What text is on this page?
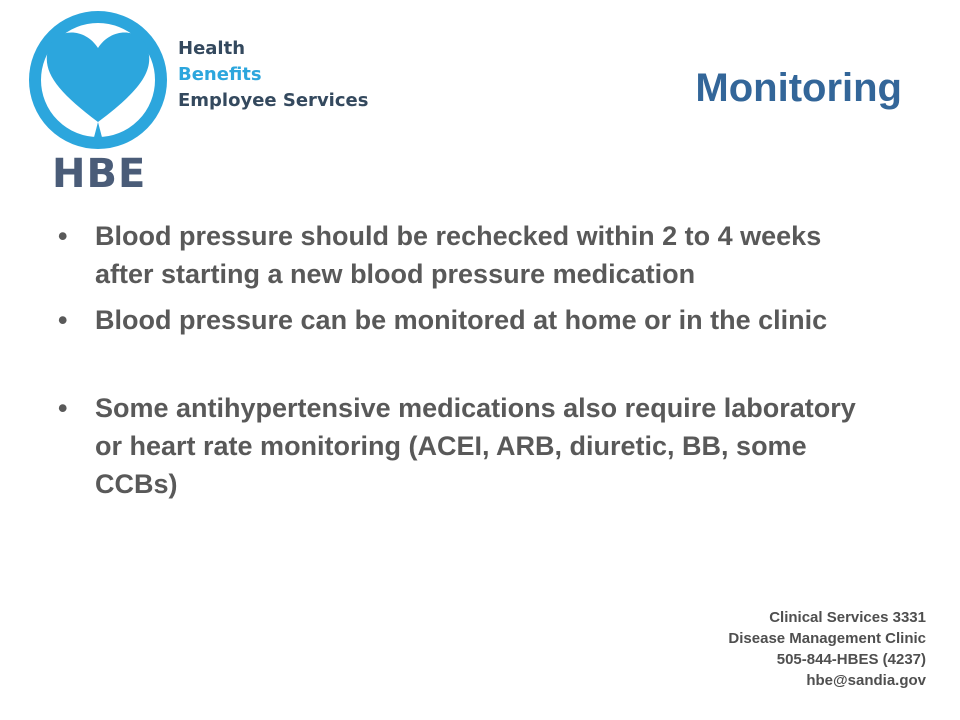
Health
Benefits
Employee Services
HBE
Monitoring
• Blood pressure should be rechecked within 2 to 4 weeks after starting a new blood pressure medication
• Blood pressure can be monitored at home or in the clinic
• Some antihypertensive medications also require laboratory or heart rate monitoring (ACEI, ARB, diuretic, BB, some CCBs)
Clinical Services 3331
Disease Management Clinic
505-844-HBES (4237)
hbe@sandia.gov
